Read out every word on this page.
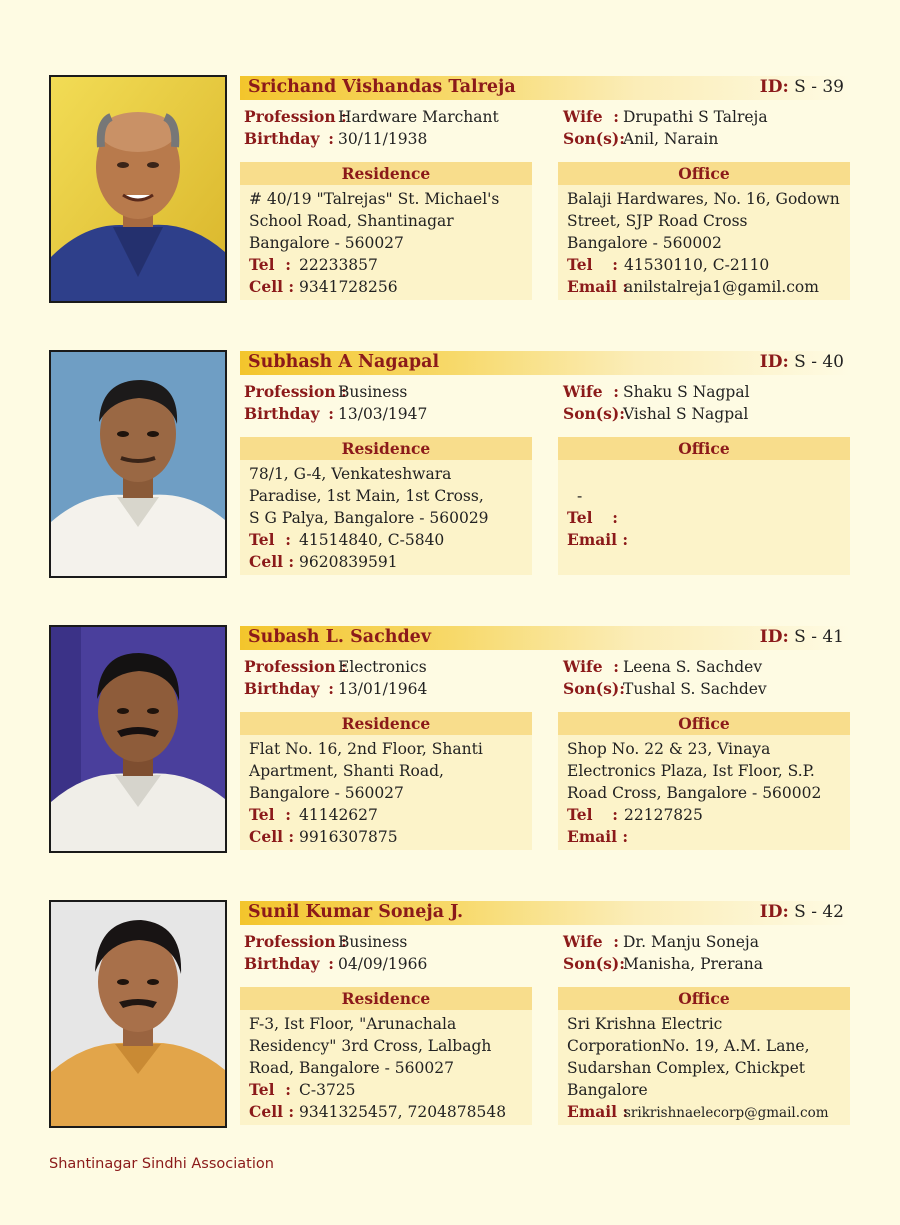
Srichand Vishandas Talreja	ID: S - 39
Profession :Hardware Marchant
Birthday : 30/11/1938
Wife : Drupathi S Talreja
Son(s):Anil, Narain
Residence
# 40/19 "Talrejas" St. Michael's
School Road, Shantinagar
Bangalore - 560027
Tel : 22233857
Cell : 9341728256
Office
Balaji Hardwares, No. 16, Godown
Street, SJP Road Cross
Bangalore - 560002
Tel : 41530110, C-2110
Email :anilstalreja1@gamil.com
Subhash A Nagapal	ID: S - 40
Profession :Business
Birthday : 13/03/1947
Wife : Shaku S Nagpal
Son(s):Vishal S Nagpal
Residence
78/1, G-4, Venkateshwara
Paradise, 1st Main, 1st Cross,
S G Palya, Bangalore - 560029
Tel : 41514840, C-5840
Cell : 9620839591
Office
-
Tel :
Email :
Subash L. Sachdev	ID: S - 41
Profession :Electronics
Birthday : 13/01/1964
Wife : Leena S. Sachdev
Son(s):Tushal S. Sachdev
Residence
Flat No. 16, 2nd Floor, Shanti
Apartment, Shanti Road,
Bangalore - 560027
Tel : 41142627
Cell : 9916307875
Office
Shop No. 22 & 23, Vinaya
Electronics Plaza, Ist Floor, S.P.
Road Cross, Bangalore - 560002
Tel : 22127825
Email :
Sunil Kumar Soneja J.	ID: S - 42
Profession :Business
Birthday : 04/09/1966
Wife : Dr. Manju Soneja
Son(s):Manisha, Prerana
Residence
F-3, Ist Floor, "Arunachala
Residency" 3rd Cross, Lalbagh
Road, Bangalore - 560027
Tel : C-3725
Cell : 9341325457, 7204878548
Office
Sri Krishna Electric
CorporationNo. 19, A.M. Lane,
Sudarshan Complex, Chickpet
Bangalore
Email :srikrishnaelecorp@gmail.com
Shantinagar Sindhi Association
